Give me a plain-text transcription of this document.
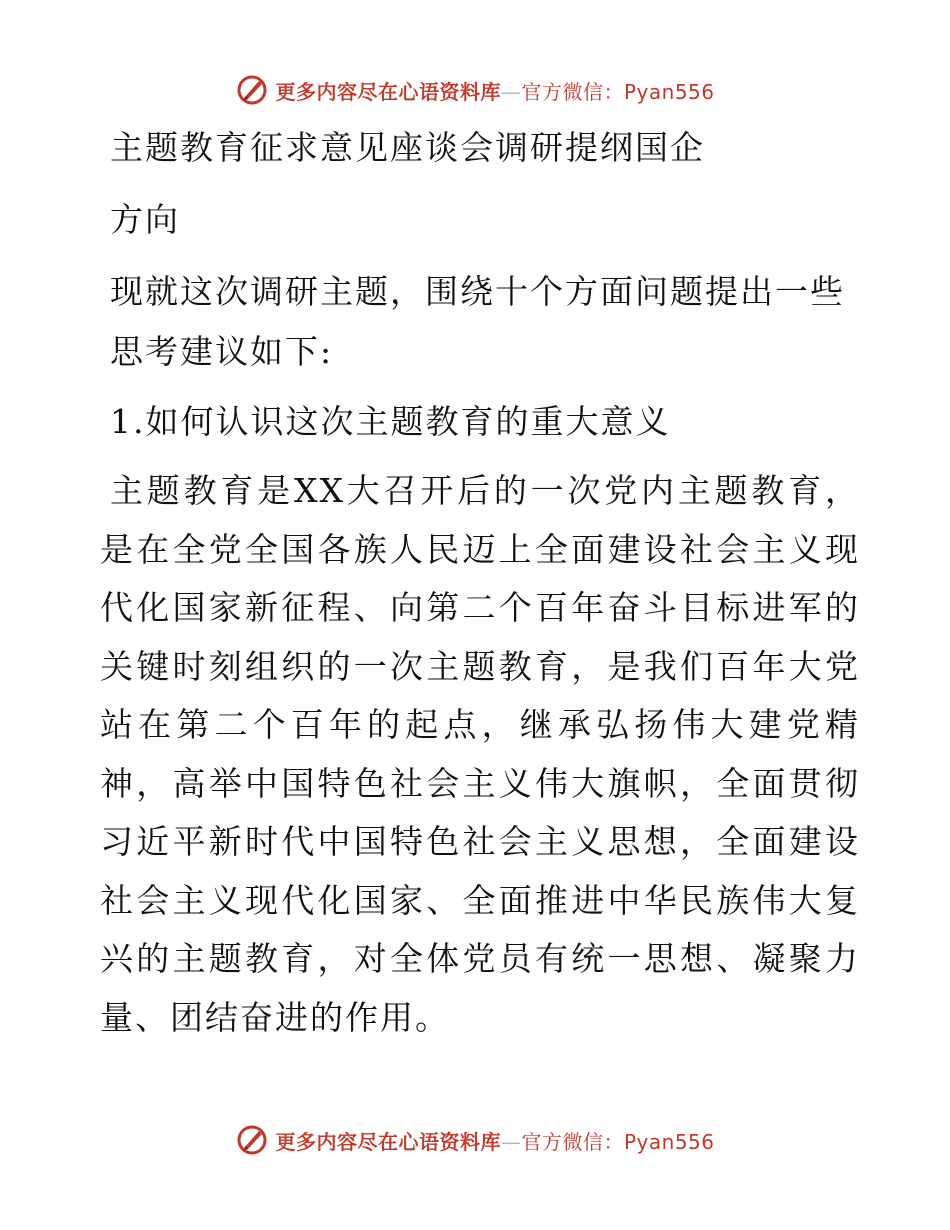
更多内容尽在心语资料库—官方微信：Pyan556

主题教育征求意见座谈会调研提纲国企

方向

现就这次调研主题，围绕十个方面问题提出一些思考建议如下:

1.如何认识这次主题教育的重大意义

主题教育是XX大召开后的一次党内主题教育，是在全党全国各族人民迈上全面建设社会主义现代化国家新征程、向第二个百年奋斗目标进军的关键时刻组织的一次主题教育，是我们百年大党站在第二个百年的起点，继承弘扬伟大建党精神，高举中国特色社会主义伟大旗帜，全面贯彻习近平新时代中国特色社会主义思想，全面建设社会主义现代化国家、全面推进中华民族伟大复兴的主题教育，对全体党员有统一思想、凝聚力量、团结奋进的作用。

更多内容尽在心语资料库—官方微信：Pyan556
